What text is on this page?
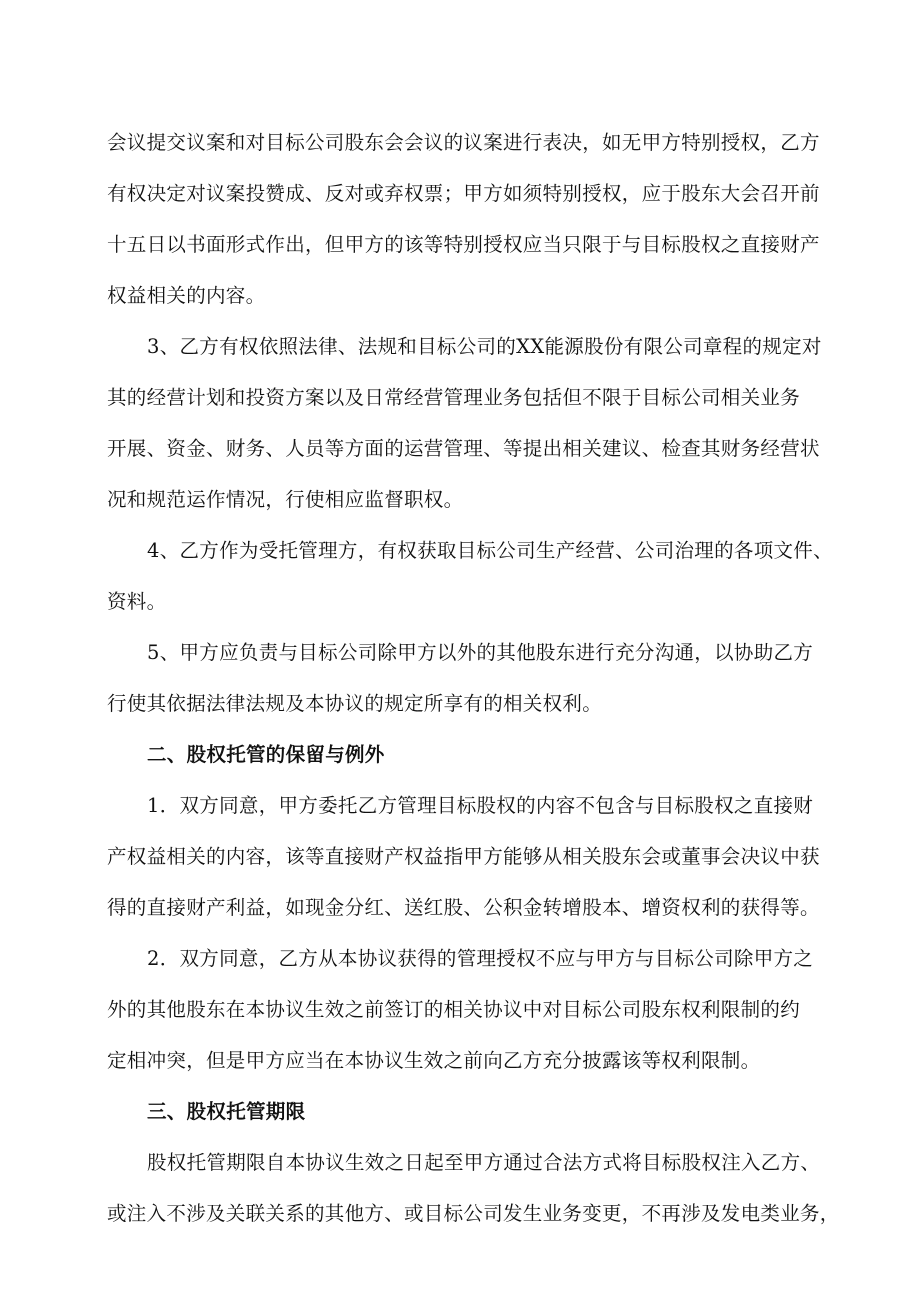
会议提交议案和对目标公司股东会会议的议案进行表决，如无甲方特别授权，乙方
有权决定对议案投赞成、反对或弃权票；甲方如须特别授权，应于股东大会召开前
十五日以书面形式作出，但甲方的该等特别授权应当只限于与目标股权之直接财产
权益相关的内容。
3、乙方有权依照法律、法规和目标公司的XX能源股份有限公司章程的规定对
其的经营计划和投资方案以及日常经营管理业务包括但不限于目标公司相关业务
开展、资金、财务、人员等方面的运营管理、等提出相关建议、检查其财务经营状
况和规范运作情况，行使相应监督职权。
4、乙方作为受托管理方，有权获取目标公司生产经营、公司治理的各项文件、
资料。
5、甲方应负责与目标公司除甲方以外的其他股东进行充分沟通，以协助乙方
行使其依据法律法规及本协议的规定所享有的相关权利。
二、股权托管的保留与例外
1．双方同意，甲方委托乙方管理目标股权的内容不包含与目标股权之直接财
产权益相关的内容，该等直接财产权益指甲方能够从相关股东会或董事会决议中获
得的直接财产利益，如现金分红、送红股、公积金转增股本、增资权利的获得等。
2．双方同意，乙方从本协议获得的管理授权不应与甲方与目标公司除甲方之
外的其他股东在本协议生效之前签订的相关协议中对目标公司股东权利限制的约
定相冲突，但是甲方应当在本协议生效之前向乙方充分披露该等权利限制。
三、股权托管期限
股权托管期限自本协议生效之日起至甲方通过合法方式将目标股权注入乙方、
或注入不涉及关联关系的其他方、或目标公司发生业务变更，不再涉及发电类业务，
